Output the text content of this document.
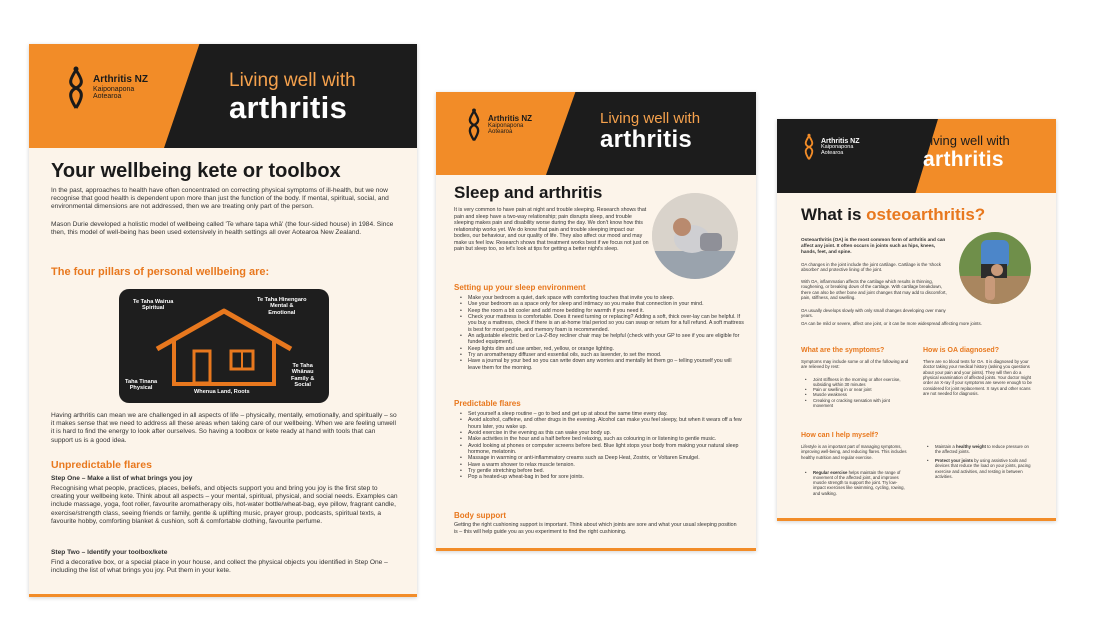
Arthritis NZ
Kaiponapona
Aotearoa
Living well with
arthritis
Your wellbeing kete or toolbox
In the past, approaches to health have often concentrated on correcting physical symptoms of ill-health, but we now recognise that good health is dependent upon more than just the function of the body. If mental, spiritual, social, and environmental dimensions are not addressed, then we are treating only part of the person.
Mason Durie developed a holistic model of wellbeing called 'Te whare tapa whā' (the four-sided house) in 1984. Since then, this model of well-being has been used extensively in health settings all over Aotearoa New Zealand.
The four pillars of personal wellbeing are:
Te Taha Wairua
Spiritual
Te Taha Hinengaro
Mental &
Emotional
Taha Tinana
Physical
Whenua Land, Roots
Te Taha
Whānau
Family &
Social
Having arthritis can mean we are challenged in all aspects of life – physically, mentally, emotionally, and spiritually – so it makes sense that we need to address all these areas when taking care of our wellbeing. When we are feeling unwell it is hard to find the energy to look after ourselves. So having a toolbox or kete ready at hand with tools that can support us is a good idea.
Unpredictable flares
Step One – Make a list of what brings you joy
Recognising what people, practices, places, beliefs, and objects support you and bring you joy is the first step to creating your wellbeing kete. Think about all aspects – your mental, spiritual, physical, and social needs. Examples can include massage, yoga, foot roller, favourite aromatherapy oils, hot-water bottle/wheat-bag, eye pillow, fragrant candle, exercise/strength class, seeing friends or family, gentle & uplifting music, prayer group, podcasts, spiritual texts, a favourite hobby, comforting blanket & cushion, soft & comfortable clothing, favourite perfume.
Step Two – Identify your toolbox/kete
Find a decorative box, or a special place in your house, and collect the physical objects you identified in Step One – including the list of what brings you joy. Put them in your kete.
Arthritis NZ
Kaiponapona
Aotearoa
Living well with
arthritis
Sleep and arthritis
It is very common to have pain at night and trouble sleeping. Research shows that pain and sleep have a two-way relationship; pain disrupts sleep, and trouble sleeping makes pain and disability worse during the day. We don't know how this relationship works yet. We do know that pain and trouble sleeping impact our bodies, our behaviour, and our quality of life. They also affect our mood and may make us feel low. Research shows that treatment works best if we focus not just on pain but sleep too, so let's look at tips for getting a better night's sleep.
Setting up your sleep environment
• Make your bedroom a quiet, dark space with comforting touches that invite you to sleep.
• Use your bedroom as a space only for sleep and intimacy so you make that connection in your mind.
• Keep the room a bit cooler and add more bedding for warmth if you need it.
• Check your mattress is comfortable. Does it need turning or replacing? Adding a soft, thick over-lay can be helpful. If you buy a mattress, check if there is an at-home trial period so you can swap or return for a full refund. A soft mattress is best for most people, and memory foam is recommended.
• An adjustable electric bed or La-Z-Boy recliner chair may be helpful (check with your GP to see if you are eligible for funded equipment).
• Keep lights dim and use amber, red, yellow, or orange lighting.
• Try an aromatherapy diffuser and essential oils, such as lavender, to set the mood.
• Have a journal by your bed so you can write down any worries and mentally let them go – telling yourself you will leave them for the morning.
Predictable flares
• Set yourself a sleep routine – go to bed and get up at about the same time every day.
• Avoid alcohol, caffeine, and other drugs in the evening. Alcohol can make you feel sleepy, but when it wears off a few hours later, you wake up.
• Avoid exercise in the evening as this can wake your body up.
• Make activities in the hour and a half before bed relaxing, such as colouring in or listening to gentle music.
• Avoid looking at phones or computer screens before bed. Blue light stops your body from making your natural sleep hormone, melatonin.
• Massage in warming or anti-inflammatory creams such as Deep Heat, Zostrix, or Voltaren Emulgel.
• Have a warm shower to relax muscle tension.
• Try gentle stretching before bed.
• Pop a heated-up wheat-bag in bed for sore joints.
Body support
Getting the right cushioning support is important. Think about which joints are sore and what your usual sleeping position is – this will help guide you as you experiment to find the right cushioning.
Arthritis NZ
Kaiponapona
Aotearoa
Living well with
arthritis
What is osteoarthritis?
Osteoarthritis (OA) is the most common form of arthritis and can affect any joint. It often occurs in joints such as hips, knees, hands, feet, and spine.
OA changes in the joint include the joint cartilage. Cartilage is the 'shock absorber' and protective lining of the joint.
With OA, inflammation affects the cartilage which results in thinning, roughening, or breaking down of the cartilage. With cartilage breakdown, there can also be other bone and joint changes that may add to discomfort, pain, stiffness, and swelling.
OA usually develops slowly with only small changes developing over many years.
OA can be mild or severe, affect one joint, or it can be more widespread affecting more joints.
What are the symptoms?
Symptoms may include some or all of the following and are relieved by rest:
• Joint stiffness in the morning or after exercise, subsiding within 30 minutes
• Pain or swelling in or near joint
• Muscle weakness
• Creaking or cracking sensation with joint movement
How is OA diagnosed?
There are no blood tests for OA. It is diagnosed by your doctor taking your medical history (asking you questions about your pain and your joints). They will then do a physical examination of affected joints. Your doctor might order an X-ray if your symptoms are severe enough to be considered for joint replacement. X rays and other scans are not needed for diagnosis.
How can I help myself?
Lifestyle is an important part of managing symptoms, improving well-being, and reducing flares. This includes healthy nutrition and regular exercise.
• Regular exercise helps maintain the range of movement of the affected joint, and improves muscle strength to support the joint. Try low-impact exercises like swimming, cycling, rowing, and walking.
• Maintain a healthy weight to reduce pressure on the affected joints.
• Protect your joints by using assistive tools and devices that reduce the load on your joints, pacing exercise and activities, and resting in between activities.
